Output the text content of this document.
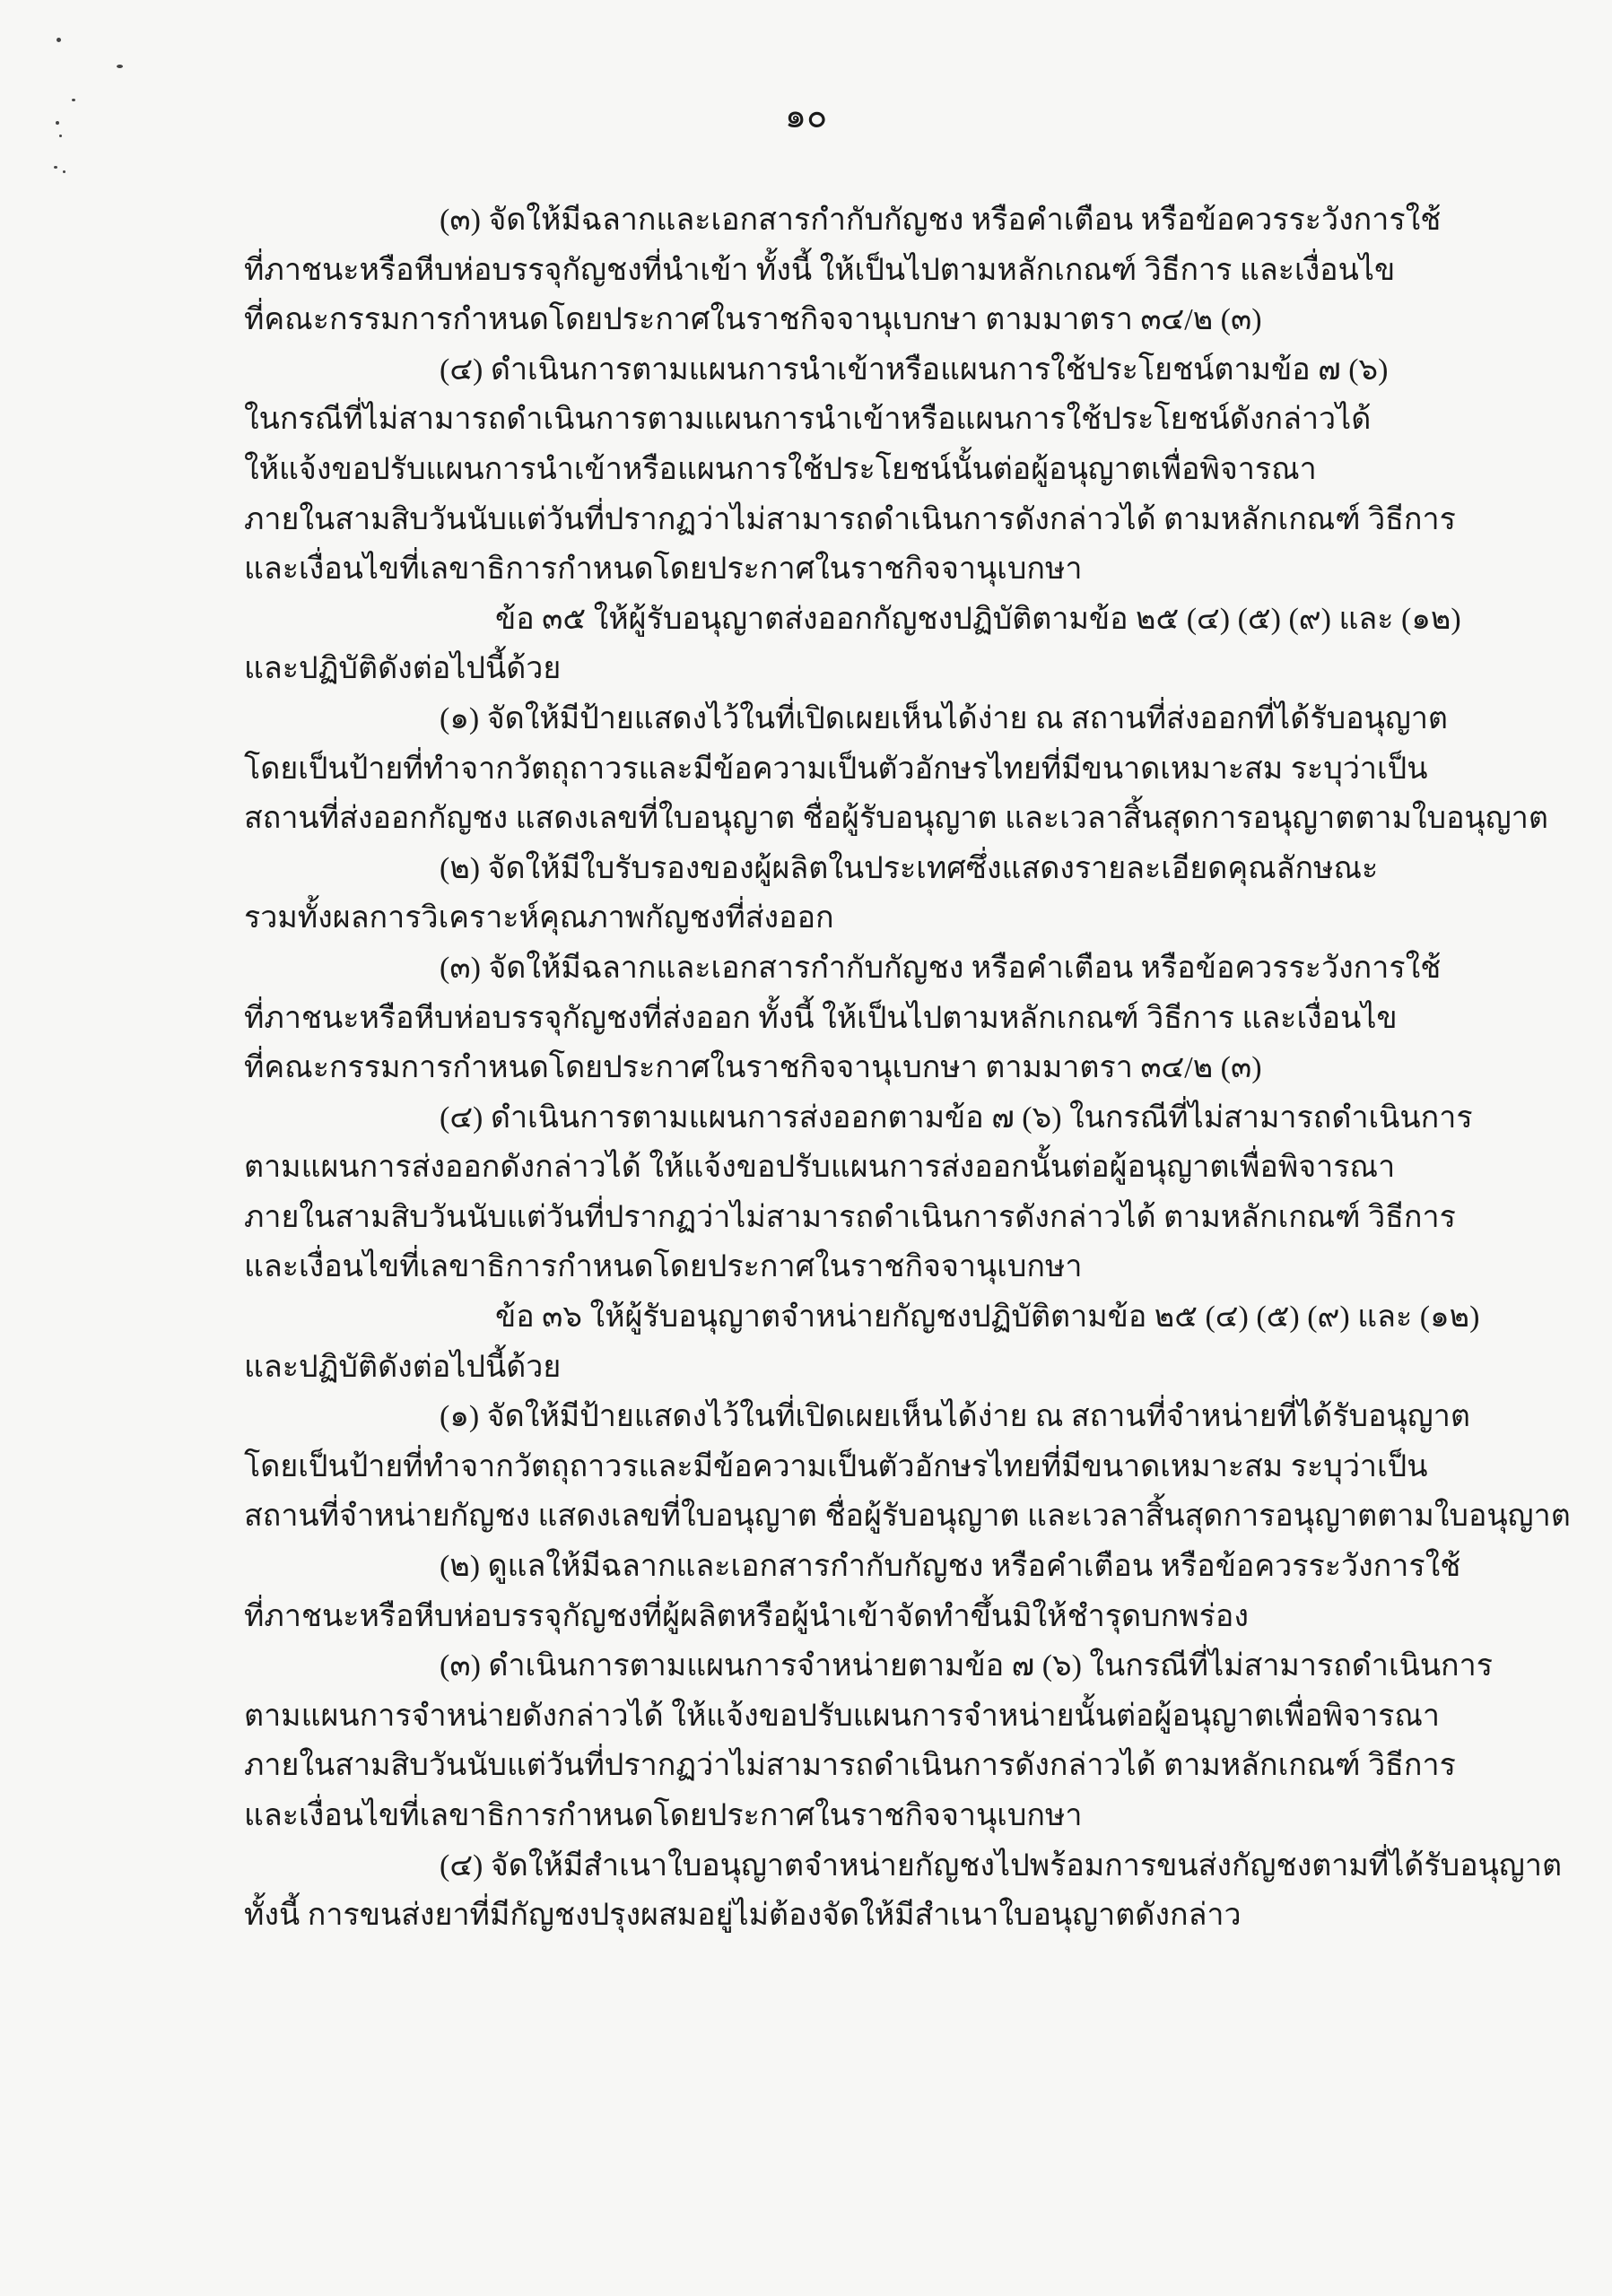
๑๐
(๓) จัดให้มีฉลากและเอกสารกำกับกัญชง หรือคำเตือน หรือข้อควรระวังการใช้
ที่ภาชนะหรือหีบห่อบรรจุกัญชงที่นำเข้า ทั้งนี้ ให้เป็นไปตามหลักเกณฑ์ วิธีการ และเงื่อนไข
ที่คณะกรรมการกำหนดโดยประกาศในราชกิจจานุเบกษา ตามมาตรา ๓๔/๒ (๓)
(๔) ดำเนินการตามแผนการนำเข้าหรือแผนการใช้ประโยชน์ตามข้อ ๗ (๖)
ในกรณีที่ไม่สามารถดำเนินการตามแผนการนำเข้าหรือแผนการใช้ประโยชน์ดังกล่าวได้
ให้แจ้งขอปรับแผนการนำเข้าหรือแผนการใช้ประโยชน์นั้นต่อผู้อนุญาตเพื่อพิจารณา
ภายในสามสิบวันนับแต่วันที่ปรากฏว่าไม่สามารถดำเนินการดังกล่าวได้ ตามหลักเกณฑ์ วิธีการ
และเงื่อนไขที่เลขาธิการกำหนดโดยประกาศในราชกิจจานุเบกษา
ข้อ ๓๕ ให้ผู้รับอนุญาตส่งออกกัญชงปฏิบัติตามข้อ ๒๕ (๔) (๕) (๙) และ (๑๒)
และปฏิบัติดังต่อไปนี้ด้วย
(๑) จัดให้มีป้ายแสดงไว้ในที่เปิดเผยเห็นได้ง่าย ณ สถานที่ส่งออกที่ได้รับอนุญาต
โดยเป็นป้ายที่ทำจากวัตถุถาวรและมีข้อความเป็นตัวอักษรไทยที่มีขนาดเหมาะสม ระบุว่าเป็น
สถานที่ส่งออกกัญชง แสดงเลขที่ใบอนุญาต ชื่อผู้รับอนุญาต และเวลาสิ้นสุดการอนุญาตตามใบอนุญาต
(๒) จัดให้มีใบรับรองของผู้ผลิตในประเทศซึ่งแสดงรายละเอียดคุณลักษณะ
รวมทั้งผลการวิเคราะห์คุณภาพกัญชงที่ส่งออก
(๓) จัดให้มีฉลากและเอกสารกำกับกัญชง หรือคำเตือน หรือข้อควรระวังการใช้
ที่ภาชนะหรือหีบห่อบรรจุกัญชงที่ส่งออก ทั้งนี้ ให้เป็นไปตามหลักเกณฑ์ วิธีการ และเงื่อนไข
ที่คณะกรรมการกำหนดโดยประกาศในราชกิจจานุเบกษา ตามมาตรา ๓๔/๒ (๓)
(๔) ดำเนินการตามแผนการส่งออกตามข้อ ๗ (๖) ในกรณีที่ไม่สามารถดำเนินการ
ตามแผนการส่งออกดังกล่าวได้ ให้แจ้งขอปรับแผนการส่งออกนั้นต่อผู้อนุญาตเพื่อพิจารณา
ภายในสามสิบวันนับแต่วันที่ปรากฏว่าไม่สามารถดำเนินการดังกล่าวได้ ตามหลักเกณฑ์ วิธีการ
และเงื่อนไขที่เลขาธิการกำหนดโดยประกาศในราชกิจจานุเบกษา
ข้อ ๓๖ ให้ผู้รับอนุญาตจำหน่ายกัญชงปฏิบัติตามข้อ ๒๕ (๔) (๕) (๙) และ (๑๒)
และปฏิบัติดังต่อไปนี้ด้วย
(๑) จัดให้มีป้ายแสดงไว้ในที่เปิดเผยเห็นได้ง่าย ณ สถานที่จำหน่ายที่ได้รับอนุญาต
โดยเป็นป้ายที่ทำจากวัตถุถาวรและมีข้อความเป็นตัวอักษรไทยที่มีขนาดเหมาะสม ระบุว่าเป็น
สถานที่จำหน่ายกัญชง แสดงเลขที่ใบอนุญาต ชื่อผู้รับอนุญาต และเวลาสิ้นสุดการอนุญาตตามใบอนุญาต
(๒) ดูแลให้มีฉลากและเอกสารกำกับกัญชง หรือคำเตือน หรือข้อควรระวังการใช้
ที่ภาชนะหรือหีบห่อบรรจุกัญชงที่ผู้ผลิตหรือผู้นำเข้าจัดทำขึ้นมิให้ชำรุดบกพร่อง
(๓) ดำเนินการตามแผนการจำหน่ายตามข้อ ๗ (๖) ในกรณีที่ไม่สามารถดำเนินการ
ตามแผนการจำหน่ายดังกล่าวได้ ให้แจ้งขอปรับแผนการจำหน่ายนั้นต่อผู้อนุญาตเพื่อพิจารณา
ภายในสามสิบวันนับแต่วันที่ปรากฏว่าไม่สามารถดำเนินการดังกล่าวได้ ตามหลักเกณฑ์ วิธีการ
และเงื่อนไขที่เลขาธิการกำหนดโดยประกาศในราชกิจจานุเบกษา
(๔) จัดให้มีสำเนาใบอนุญาตจำหน่ายกัญชงไปพร้อมการขนส่งกัญชงตามที่ได้รับอนุญาต
ทั้งนี้ การขนส่งยาที่มีกัญชงปรุงผสมอยู่ไม่ต้องจัดให้มีสำเนาใบอนุญาตดังกล่าว
